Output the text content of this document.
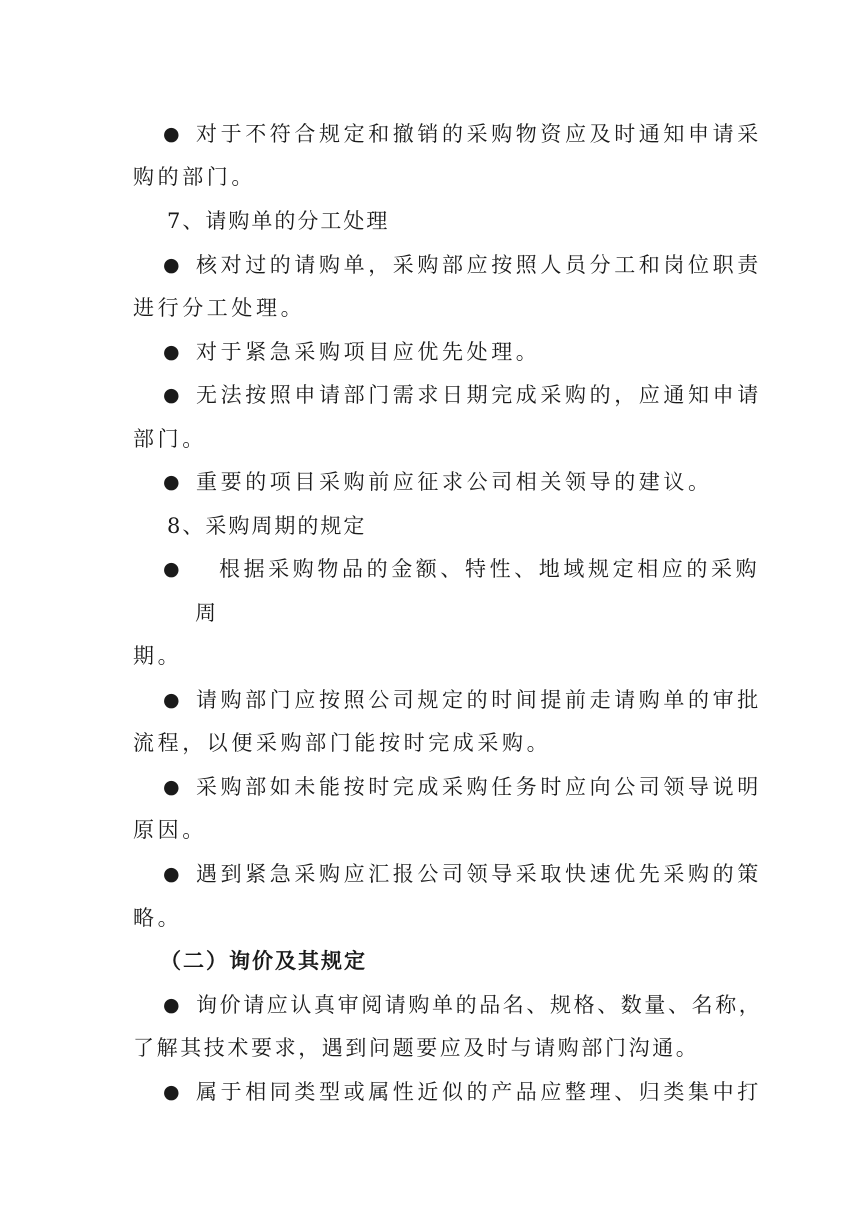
● 对于不符合规定和撤销的采购物资应及时通知申请采
购的部门。
7、请购单的分工处理
● 核对过的请购单，采购部应按照人员分工和岗位职责
进行分工处理。
● 对于紧急采购项目应优先处理。
● 无法按照申请部门需求日期完成采购的，应通知申请
部门。
● 重要的项目采购前应征求公司相关领导的建议。
8、采购周期的规定
● 根据采购物品的金额、特性、地域规定相应的采购
周
期。
● 请购部门应按照公司规定的时间提前走请购单的审批
流程，以便采购部门能按时完成采购。
● 采购部如未能按时完成采购任务时应向公司领导说明
原因。
● 遇到紧急采购应汇报公司领导采取快速优先采购的策
略。
（二）询价及其规定
● 询价请应认真审阅请购单的品名、规格、数量、名称，
了解其技术要求，遇到问题要应及时与请购部门沟通。
● 属于相同类型或属性近似的产品应整理、归类集中打
